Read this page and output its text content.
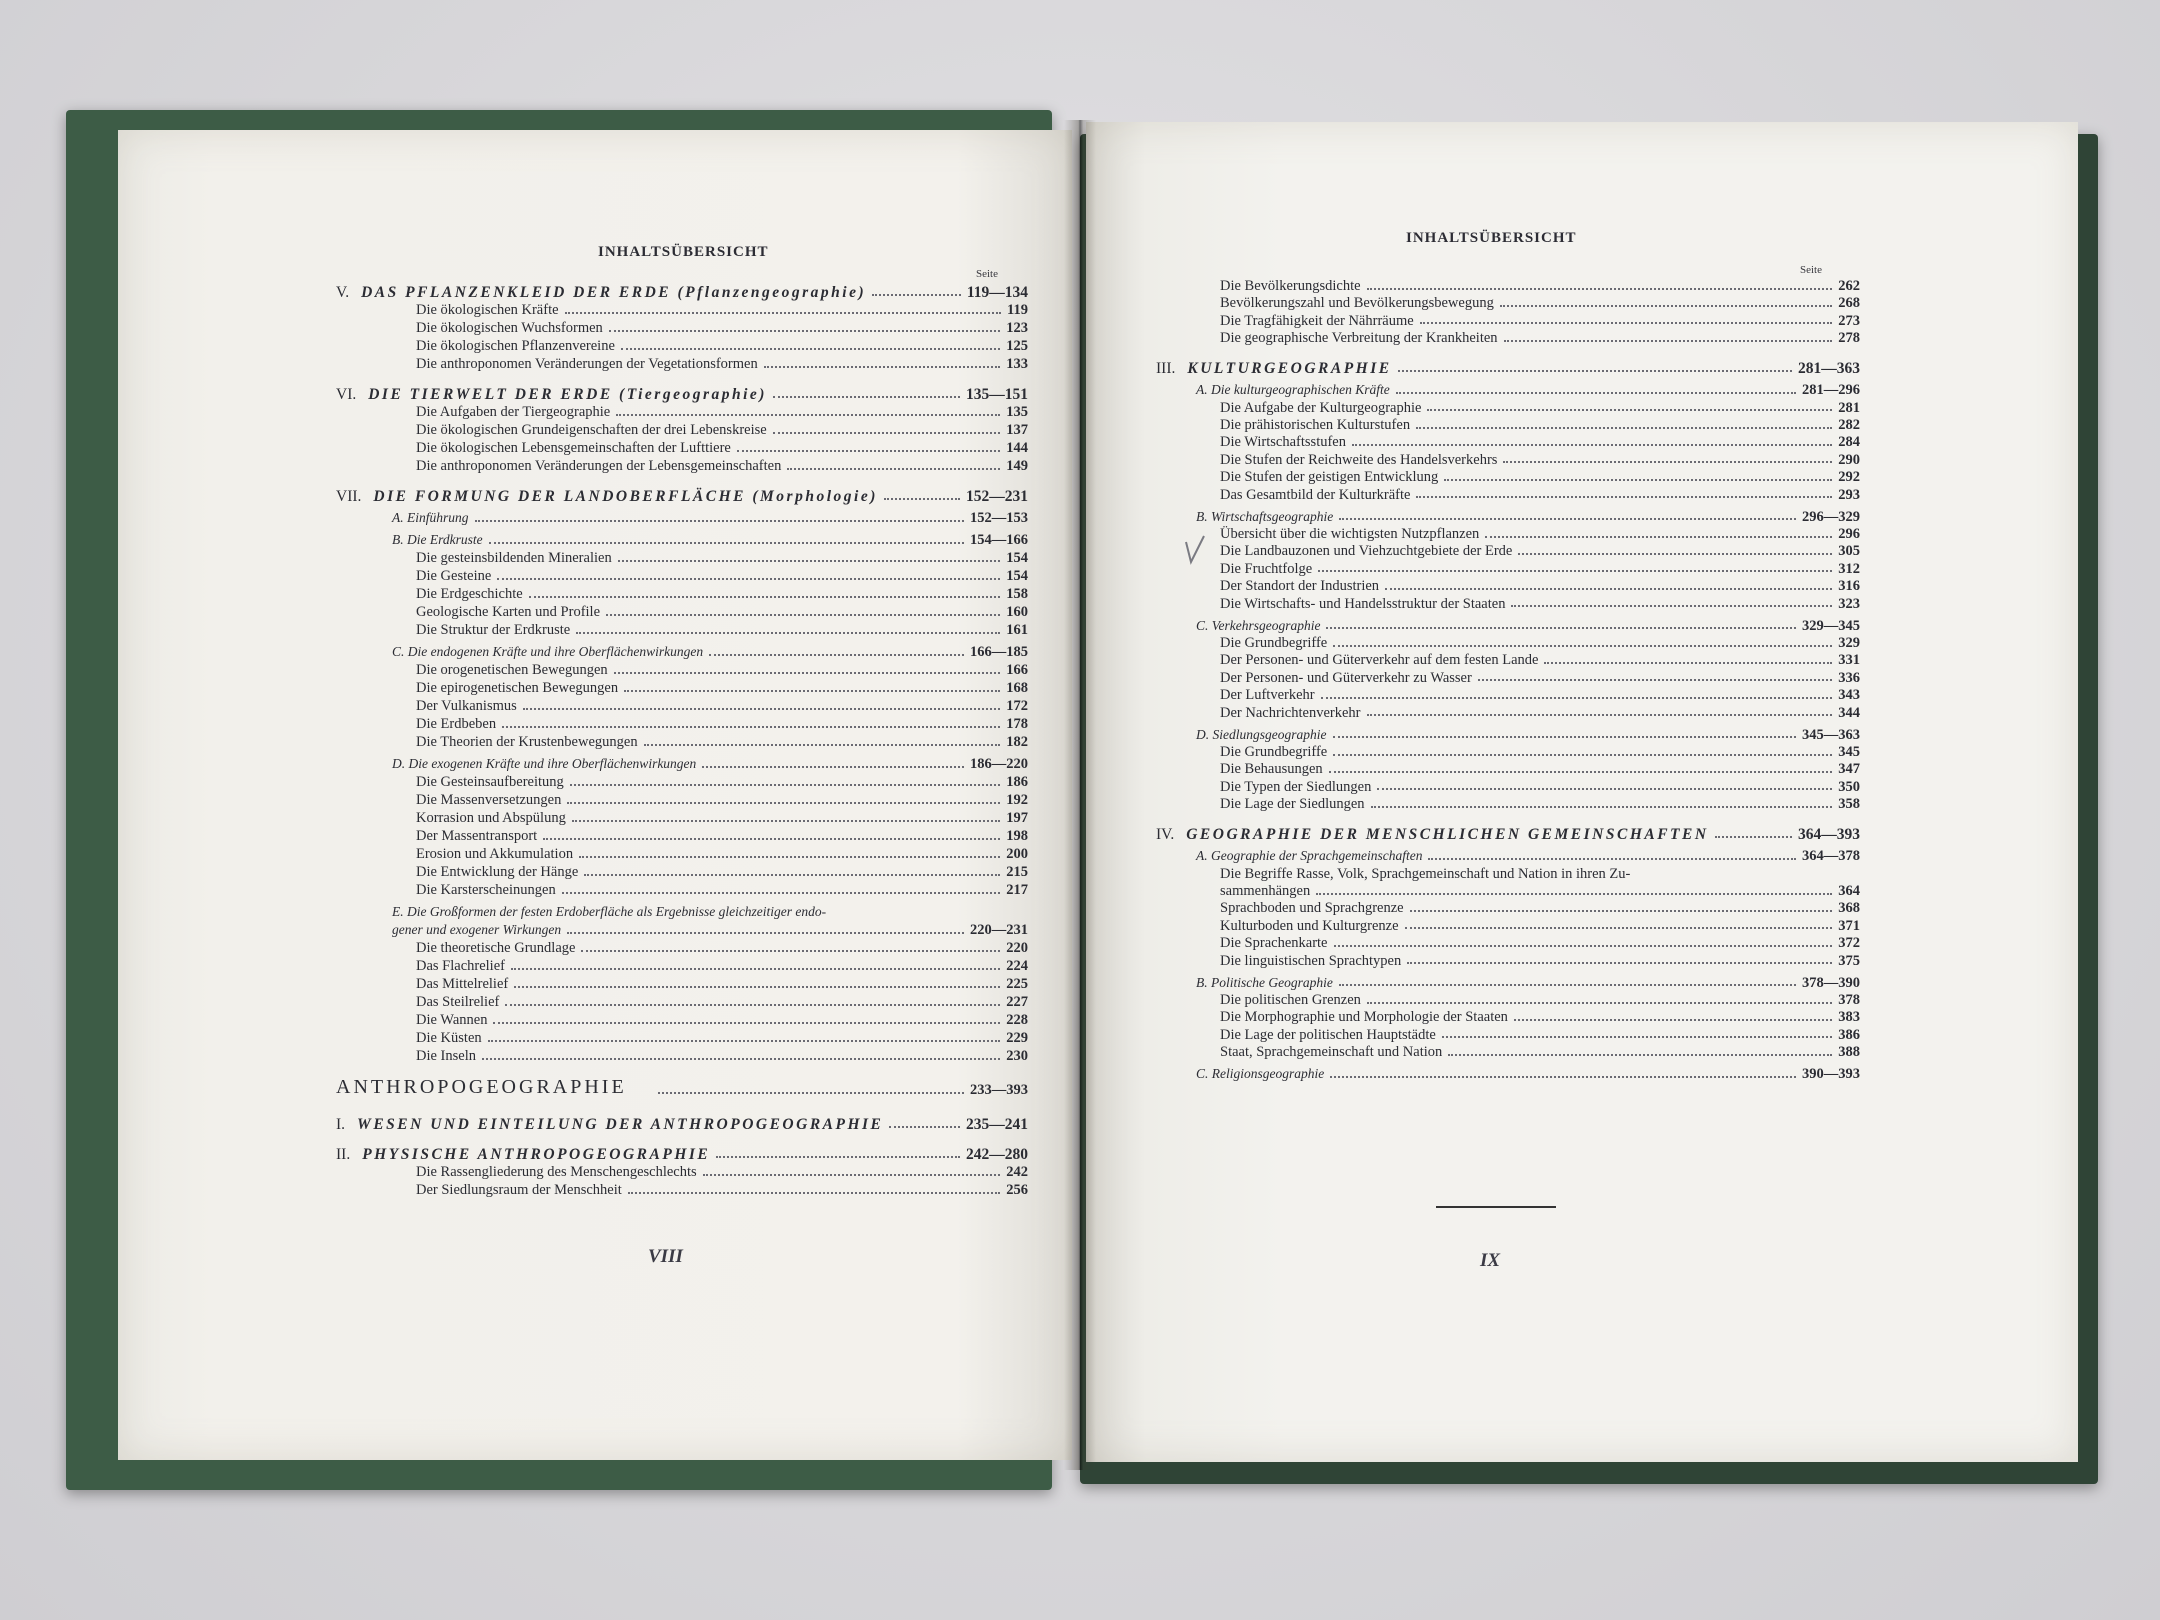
INHALTSÜBERSICHT
Seite
V. DAS PFLANZENKLEID DER ERDE (Pflanzengeographie)	119—134
Die ökologischen Kräfte	119
Die ökologischen Wuchsformen	123
Die ökologischen Pflanzenvereine	125
Die anthroponomen Veränderungen der Vegetationsformen	133
VI. DIE TIERWELT DER ERDE (Tiergeographie)	135—151
Die Aufgaben der Tiergeographie	135
Die ökologischen Grundeigenschaften der drei Lebenskreise	137
Die ökologischen Lebensgemeinschaften der Lufttiere	144
Die anthroponomen Veränderungen der Lebensgemeinschaften	149
VII. DIE FORMUNG DER LANDOBERFLÄCHE (Morphologie)	152—231
A. Einführung	152—153
B. Die Erdkruste	154—166
Die gesteinsbildenden Mineralien	154
Die Gesteine	154
Die Erdgeschichte	158
Geologische Karten und Profile	160
Die Struktur der Erdkruste	161
C. Die endogenen Kräfte und ihre Oberflächenwirkungen	166—185
Die orogenetischen Bewegungen	166
Die epirogenetischen Bewegungen	168
Der Vulkanismus	172
Die Erdbeben	178
Die Theorien der Krustenbewegungen	182
D. Die exogenen Kräfte und ihre Oberflächenwirkungen	186—220
Die Gesteinsaufbereitung	186
Die Massenversetzungen	192
Korrasion und Abspülung	197
Der Massentransport	198
Erosion und Akkumulation	200
Die Entwicklung der Hänge	215
Die Karsterscheinungen	217
E. Die Großformen der festen Erdoberfläche als Ergebnisse gleichzeitiger endo-
gener und exogener Wirkungen	220—231
Die theoretische Grundlage	220
Das Flachrelief	224
Das Mittelrelief	225
Das Steilrelief	227
Die Wannen	228
Die Küsten	229
Die Inseln	230
ANTHROPOGEOGRAPHIE	233—393
I. WESEN UND EINTEILUNG DER ANTHROPOGEOGRAPHIE	235—241
II. PHYSISCHE ANTHROPOGEOGRAPHIE	242—280
Die Rassengliederung des Menschengeschlechts	242
Der Siedlungsraum der Menschheit	256
VIII
INHALTSÜBERSICHT
Seite
Die Bevölkerungsdichte	262
Bevölkerungszahl und Bevölkerungsbewegung	268
Die Tragfähigkeit der Nährräume	273
Die geographische Verbreitung der Krankheiten	278
III. KULTURGEOGRAPHIE	281—363
A. Die kulturgeographischen Kräfte	281—296
Die Aufgabe der Kulturgeographie	281
Die prähistorischen Kulturstufen	282
Die Wirtschaftsstufen	284
Die Stufen der Reichweite des Handelsverkehrs	290
Die Stufen der geistigen Entwicklung	292
Das Gesamtbild der Kulturkräfte	293
B. Wirtschaftsgeographie	296—329
Übersicht über die wichtigsten Nutzpflanzen	296
Die Landbauzonen und Viehzuchtgebiete der Erde	305
Die Fruchtfolge	312
Der Standort der Industrien	316
Die Wirtschafts- und Handelsstruktur der Staaten	323
C. Verkehrsgeographie	329—345
Die Grundbegriffe	329
Der Personen- und Güterverkehr auf dem festen Lande	331
Der Personen- und Güterverkehr zu Wasser	336
Der Luftverkehr	343
Der Nachrichtenverkehr	344
D. Siedlungsgeographie	345—363
Die Grundbegriffe	345
Die Behausungen	347
Die Typen der Siedlungen	350
Die Lage der Siedlungen	358
IV. GEOGRAPHIE DER MENSCHLICHEN GEMEINSCHAFTEN	364—393
A. Geographie der Sprachgemeinschaften	364—378
Die Begriffe Rasse, Volk, Sprachgemeinschaft und Nation in ihren Zu-
sammenhängen	364
Sprachboden und Sprachgrenze	368
Kulturboden und Kulturgrenze	371
Die Sprachenkarte	372
Die linguistischen Sprachtypen	375
B. Politische Geographie	378—390
Die politischen Grenzen	378
Die Morphographie und Morphologie der Staaten	383
Die Lage der politischen Hauptstädte	386
Staat, Sprachgemeinschaft und Nation	388
C. Religionsgeographie	390—393
IX
